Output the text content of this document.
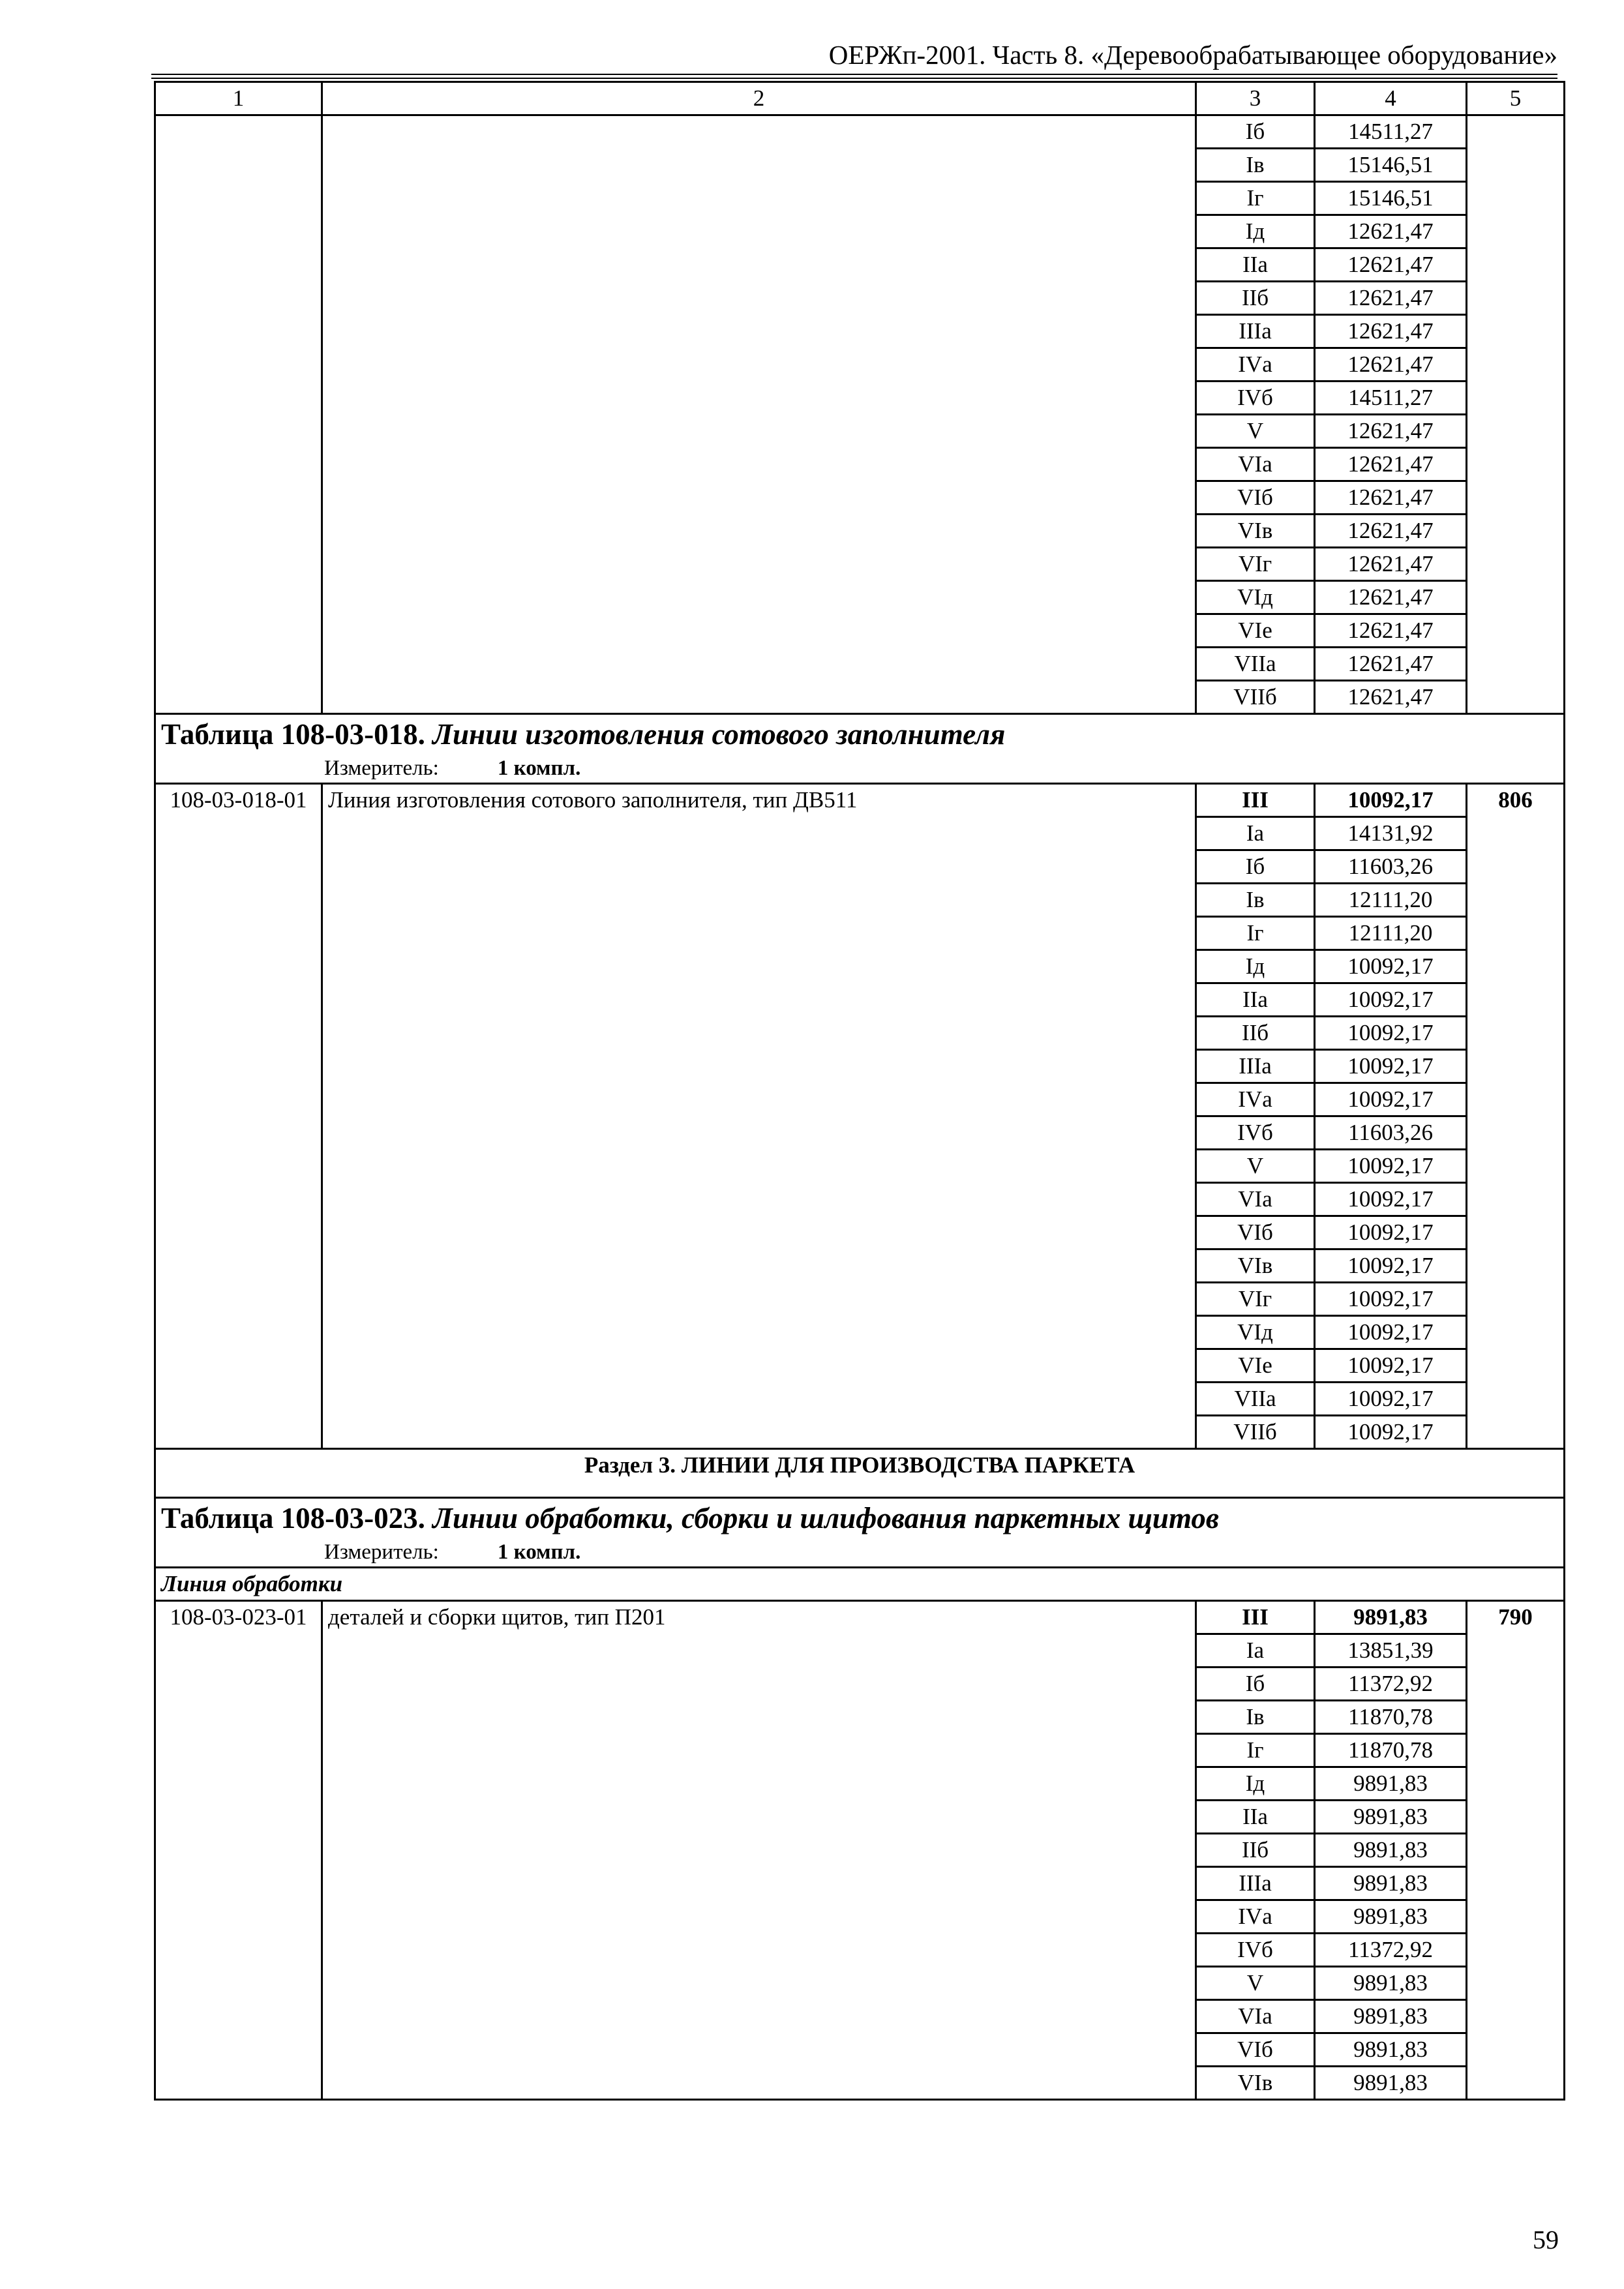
ОЕРЖп-2001. Часть 8. «Деревообрабатывающее оборудование»
1	2	3	4	5
		Iб	14511,27	
		Iв	15146,51	
		Iг	15146,51	
		Iд	12621,47	
		IIа	12621,47	
		IIб	12621,47	
		IIIа	12621,47	
		IVа	12621,47	
		IVб	14511,27	
		V	12621,47	
		VIа	12621,47	
		VIб	12621,47	
		VIв	12621,47	
		VIг	12621,47	
		VIд	12621,47	
		VIе	12621,47	
		VIIа	12621,47	
		VIIб	12621,47	

Таблица 108-03-018. Линии изготовления сотового заполнителя
Измеритель: 1 компл.				

108-03-018-01	Линия изготовления сотового заполнителя, тип ДВ511	III	10092,17	806
		Iа	14131,92	
		Iб	11603,26	
		Iв	12111,20	
		Iг	12111,20	
		Iд	10092,17	
		IIа	10092,17	
		IIб	10092,17	
		IIIа	10092,17	
		IVа	10092,17	
		IVб	11603,26	
		V	10092,17	
		VIа	10092,17	
		VIб	10092,17	
		VIв	10092,17	
		VIг	10092,17	
		VIд	10092,17	
		VIе	10092,17	
		VIIа	10092,17	
		VIIб	10092,17	
Раздел 3. ЛИНИИ ДЛЯ ПРОИЗВОДСТВА ПАРКЕТА				

Таблица 108-03-023. Линии обработки, сборки и шлифования паркетных щитов
Измеритель: 1 компл.				

Линия обработки				
108-03-023-01	деталей и сборки щитов, тип П201	III	9891,83	790
		Iа	13851,39	
		Iб	11372,92	
		Iв	11870,78	
		Iг	11870,78	
		Iд	9891,83	
		IIа	9891,83	
		IIб	9891,83	
		IIIа	9891,83	
		IVа	9891,83	
		IVб	11372,92	
		V	9891,83	
		VIа	9891,83	
		VIб	9891,83	
		VIв	9891,83	
59
